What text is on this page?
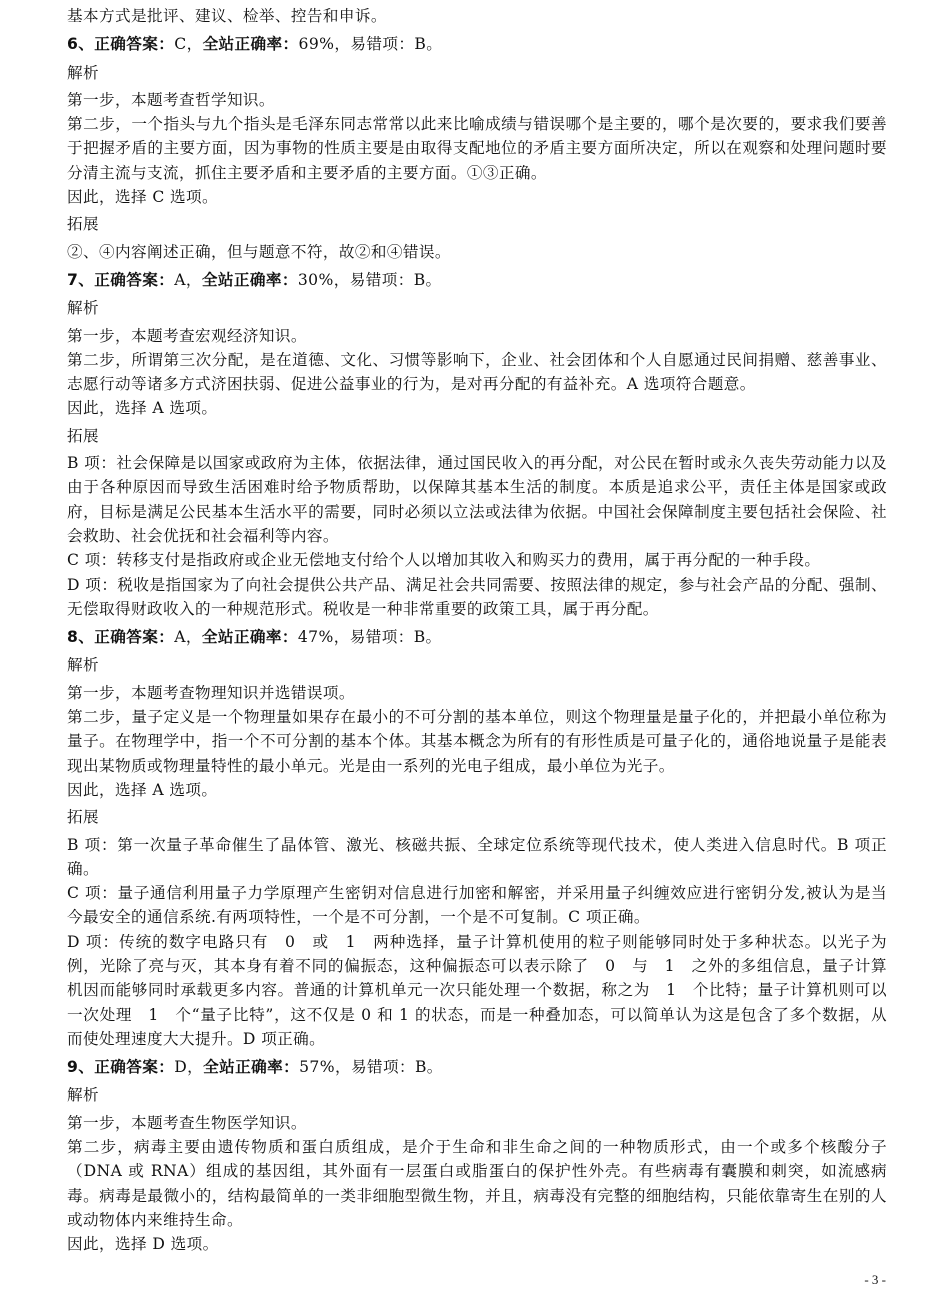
基本方式是批评、建议、检举、控告和申诉。

6、正确答案：C，全站正确率：69%，易错项：B。

解析

第一步，本题考查哲学知识。

第二步，一个指头与九个指头是毛泽东同志常常以此来比喻成绩与错误哪个是主要的，哪个是次要的，要求我们要善于把握矛盾的主要方面，因为事物的性质主要是由取得支配地位的矛盾主要方面所决定，所以在观察和处理问题时要分清主流与支流，抓住主要矛盾和主要矛盾的主要方面。①③正确。

因此，选择 C 选项。

拓展

②、④内容阐述正确，但与题意不符，故②和④错误。

7、正确答案：A，全站正确率：30%，易错项：B。

解析

第一步，本题考查宏观经济知识。

第二步，所谓第三次分配，是在道德、文化、习惯等影响下，企业、社会团体和个人自愿通过民间捐赠、慈善事业、志愿行动等诸多方式济困扶弱、促进公益事业的行为，是对再分配的有益补充。A 选项符合题意。

因此，选择 A 选项。

拓展

B 项：社会保障是以国家或政府为主体，依据法律，通过国民收入的再分配，对公民在暂时或永久丧失劳动能力以及由于各种原因而导致生活困难时给予物质帮助，以保障其基本生活的制度。本质是追求公平，责任主体是国家或政府，目标是满足公民基本生活水平的需要，同时必须以立法或法律为依据。中国社会保障制度主要包括社会保险、社会救助、社会优抚和社会福利等内容。

C 项：转移支付是指政府或企业无偿地支付给个人以增加其收入和购买力的费用，属于再分配的一种手段。

D 项：税收是指国家为了向社会提供公共产品、满足社会共同需要、按照法律的规定，参与社会产品的分配、强制、无偿取得财政收入的一种规范形式。税收是一种非常重要的政策工具，属于再分配。

8、正确答案：A，全站正确率：47%，易错项：B。

解析

第一步，本题考查物理知识并选错误项。

第二步，量子定义是一个物理量如果存在最小的不可分割的基本单位，则这个物理量是量子化的，并把最小单位称为量子。在物理学中，指一个不可分割的基本个体。其基本概念为所有的有形性质是可量子化的，通俗地说量子是能表现出某物质或物理量特性的最小单元。光是由一系列的光电子组成，最小单位为光子。

因此，选择 A 选项。

拓展

B 项：第一次量子革命催生了晶体管、激光、核磁共振、全球定位系统等现代技术，使人类进入信息时代。B 项正确。

C 项：量子通信利用量子力学原理产生密钥对信息进行加密和解密，并采用量子纠缠效应进行密钥分发,被认为是当今最安全的通信系统.有两项特性，一个是不可分割，一个是不可复制。C 项正确。

D 项：传统的数字电路只有　0　或　1　两种选择，量子计算机使用的粒子则能够同时处于多种状态。以光子为例，光除了亮与灭，其本身有着不同的偏振态，这种偏振态可以表示除了　0　与　1　之外的多组信息，量子计算机因而能够同时承载更多内容。普通的计算机单元一次只能处理一个数据，称之为　1　个比特；量子计算机则可以一次处理　1　个“量子比特”，这不仅是 0 和 1 的状态，而是一种叠加态，可以简单认为这是包含了多个数据，从而使处理速度大大提升。D 项正确。

9、正确答案：D，全站正确率：57%，易错项：B。

解析

第一步，本题考查生物医学知识。

第二步，病毒主要由遗传物质和蛋白质组成，是介于生命和非生命之间的一种物质形式，由一个或多个核酸分子（DNA 或 RNA）组成的基因组，其外面有一层蛋白或脂蛋白的保护性外壳。有些病毒有囊膜和刺突，如流感病毒。病毒是最微小的，结构最简单的一类非细胞型微生物，并且，病毒没有完整的细胞结构，只能依靠寄生在别的人或动物体内来维持生命。

因此，选择 D 选项。

- 3 -
